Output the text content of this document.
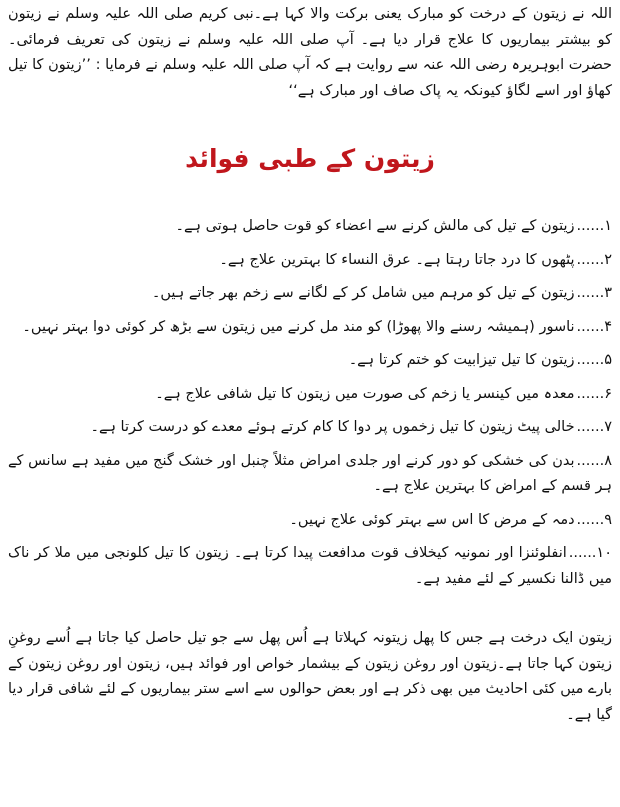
اللہ نے زیتون کے درخت کو مبارک یعنی برکت والا کہا ہے۔نبی کریم صلی اللہ علیہ وسلم نے زیتون کو بیشتر بیماریوں کا علاج قرار دیا ہے۔ آپ صلی اللہ علیہ وسلم نے زیتون کی تعریف فرمائی۔ حضرت ابوہریرہ رضی اللہ عنہ سے روایت ہے کہ آپ صلی اللہ علیہ وسلم نے فرمایا : ’’زیتون کا تیل کھاؤ اور اسے لگاؤ کیونکہ یہ پاک صاف اور مبارک ہے‘‘

زیتون کے طبی فوائد
۱......زیتون کے تیل کی مالش کرنے سے اعضاء کو قوت حاصل ہوتی ہے۔
۲......پٹھوں کا درد جاتا رہتا ہے۔ عرق النساء کا بہترین علاج ہے۔
۳......زیتون کے تیل کو مرہم میں شامل کر کے لگانے سے زخم بھر جاتے ہیں۔
۴......ناسور (ہمیشہ رسنے والا پھوڑا) کو مند مل کرنے میں زیتون سے بڑھ کر کوئی دوا بہتر نہیں۔
۵......زیتون کا تیل تیزابیت کو ختم کرتا ہے۔
۶......معدہ میں کینسر یا زخم کی صورت میں زیتون کا تیل شافی علاج ہے۔
۷......خالی پیٹ زیتون کا تیل زخموں پر دوا کا کام کرتے ہوئے معدے کو درست کرتا ہے۔
۸......بدن کی خشکی کو دور کرنے اور جلدی امراض مثلاً چنبل اور خشک گنج میں مفید ہے سانس کے ہر قسم کے امراض کا بہترین علاج ہے۔
۹......دمہ کے مرض کا اس سے بہتر کوئی علاج نہیں۔
۱۰......انفلوئنزا اور نمونیہ کیخلاف قوت مدافعت پیدا کرتا ہے۔ زیتون کا تیل کلونجی میں ملا کر ناک میں ڈالنا نکسیر کے لئے مفید ہے۔

زیتون ایک درخت ہے جس کا پھل زیتونہ کہلاتا ہے اُس پھل سے جو تیل حاصل کیا جاتا ہے اُسے روغنِ زیتون کہا جاتا ہے۔زیتون اور روغن زیتون کے بیشمار خواص اور فوائد ہیں، زیتون اور روغن زیتون کے بارے میں کئی احادیث میں بھی ذکر ہے اور بعض حوالوں سے اسے ستر بیماریوں کے لئے شافی قرار دیا گیا ہے۔
